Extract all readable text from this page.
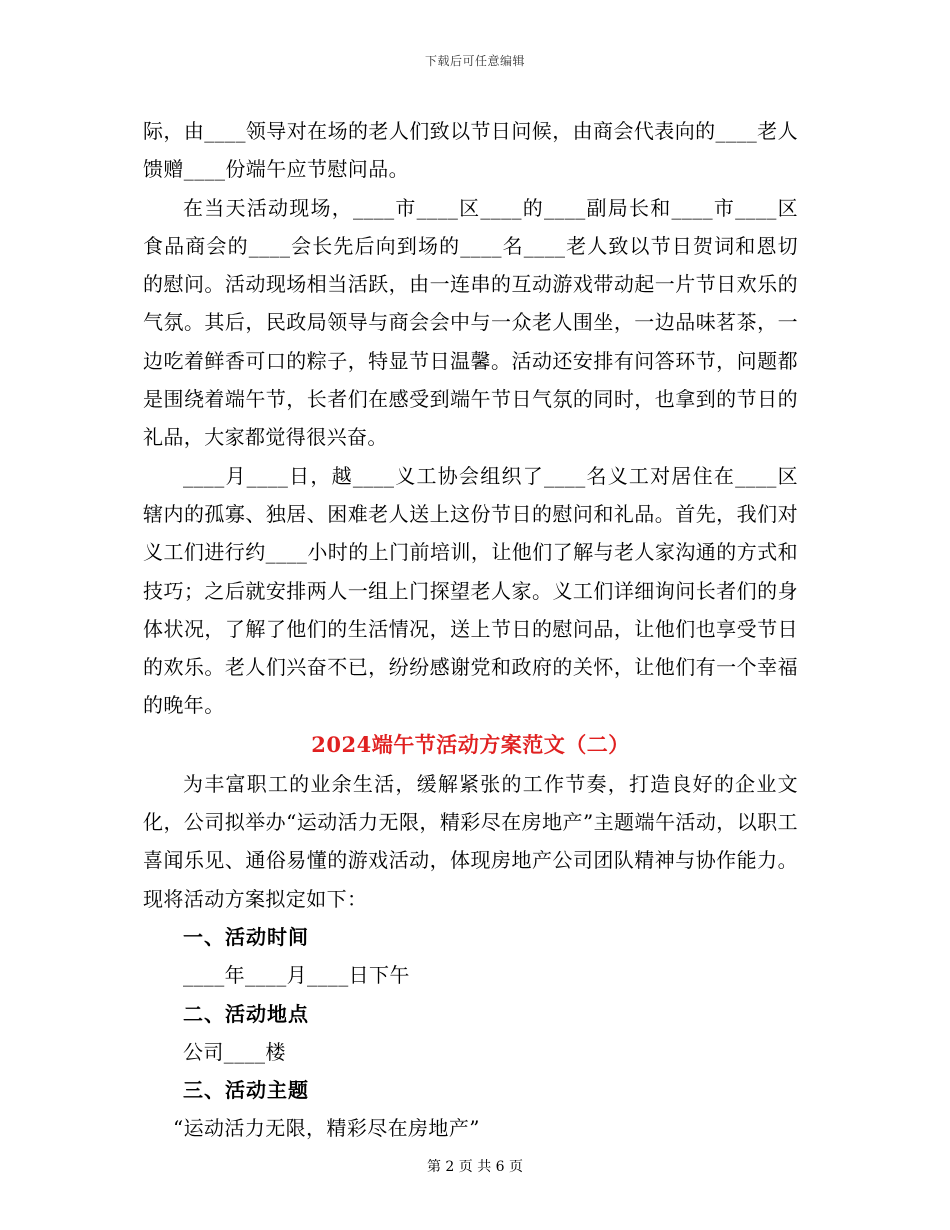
下载后可任意编辑

际，由____领导对在场的老人们致以节日问候，由商会代表向的____老人馈赠____份端午应节慰问品。

在当天活动现场，____市____区____的____副局长和____市____区食品商会的____会长先后向到场的____名____老人致以节日贺词和恩切的慰问。活动现场相当活跃，由一连串的互动游戏带动起一片节日欢乐的气氛。其后，民政局领导与商会会中与一众老人围坐，一边品味茗茶，一边吃着鲜香可口的粽子，特显节日温馨。活动还安排有问答环节，问题都是围绕着端午节，长者们在感受到端午节日气氛的同时，也拿到的节日的礼品，大家都觉得很兴奋。

____月____日，越____义工协会组织了____名义工对居住在____区辖内的孤寡、独居、困难老人送上这份节日的慰问和礼品。首先，我们对义工们进行约____小时的上门前培训，让他们了解与老人家沟通的方式和技巧；之后就安排两人一组上门探望老人家。义工们详细询问长者们的身体状况，了解了他们的生活情况，送上节日的慰问品，让他们也享受节日的欢乐。老人们兴奋不已，纷纷感谢党和政府的关怀，让他们有一个幸福的晚年。

2024端午节活动方案范文（二）

为丰富职工的业余生活，缓解紧张的工作节奏，打造良好的企业文化，公司拟举办“运动活力无限，精彩尽在房地产”主题端午活动，以职工喜闻乐见、通俗易懂的游戏活动，体现房地产公司团队精神与协作能力。现将活动方案拟定如下：

一、活动时间

____年____月____日下午

二、活动地点

公司____楼

三、活动主题

“运动活力无限，精彩尽在房地产”

第 2 页 共 6 页
